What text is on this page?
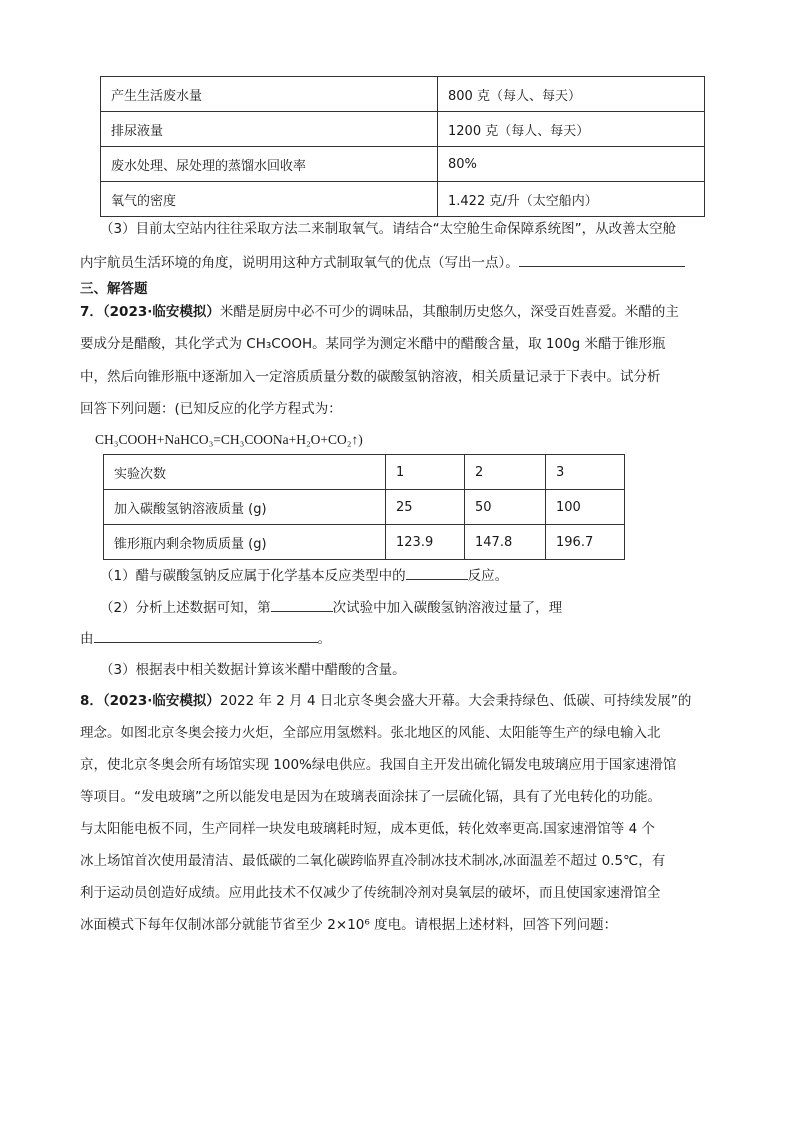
产生生活废水量	800 克（每人、每天）
排尿液量	1200 克（每人、每天）
废水处理、尿处理的蒸馏水回收率	80%
氧气的密度	1.422 克/升（太空船内）
（3）目前太空站内往往采取方法二来制取氧气。请结合“太空舱生命保障系统图”，从改善太空舱
内宇航员生活环境的角度，说明用这种方式制取氧气的优点（写出一点）。
三、解答题
7．（2023·临安模拟）米醋是厨房中必不可少的调味品，其酿制历史悠久，深受百姓喜爱。米醋的主
要成分是醋酸，其化学式为 CH₃COOH。某同学为测定米醋中的醋酸含量，取 100g 米醋于锥形瓶
中，然后向锥形瓶中逐渐加入一定溶质质量分数的碳酸氢钠溶液，相关质量记录于下表中。试分析
回答下列问题：(已知反应的化学方程式为：
CH₃COOH+NaHCO₃=CH₃COONa+H₂O+CO₂↑)
实验次数	1	2	3
加入碳酸氢钠溶液质量 (g)	25	50	100
锥形瓶内剩余物质质量 (g)	123.9	147.8	196.7
（1）醋与碳酸氢钠反应属于化学基本反应类型中的	反应。
（2）分析上述数据可知，第	次试验中加入碳酸氢钠溶液过量了，理
由	。
（3）根据表中相关数据计算该米醋中醋酸的含量。
8．（2023·临安模拟）2022 年 2 月 4 日北京冬奥会盛大开幕。大会秉持绿色、低碳、可持续发展”的
理念。如图北京冬奥会接力火炬，全部应用氢燃料。张北地区的风能、太阳能等生产的绿电输入北
京，使北京冬奥会所有场馆实现 100%绿电供应。我国自主开发出硫化镉发电玻璃应用于国家速滑馆
等项目。“发电玻璃”之所以能发电是因为在玻璃表面涂抹了一层硫化镉，具有了光电转化的功能。
与太阳能电板不同，生产同样一块发电玻璃耗时短，成本更低，转化效率更高.国家速滑馆等 4 个
冰上场馆首次使用最清洁、最低碳的二氧化碳跨临界直冷制冰技术制冰,冰面温差不超过 0.5℃，有
利于运动员创造好成绩。应用此技术不仅减少了传统制冷剂对臭氧层的破坏，而且使国家速滑馆全
冰面模式下每年仅制冰部分就能节省至少 2×10⁶ 度电。请根据上述材料，回答下列问题：
